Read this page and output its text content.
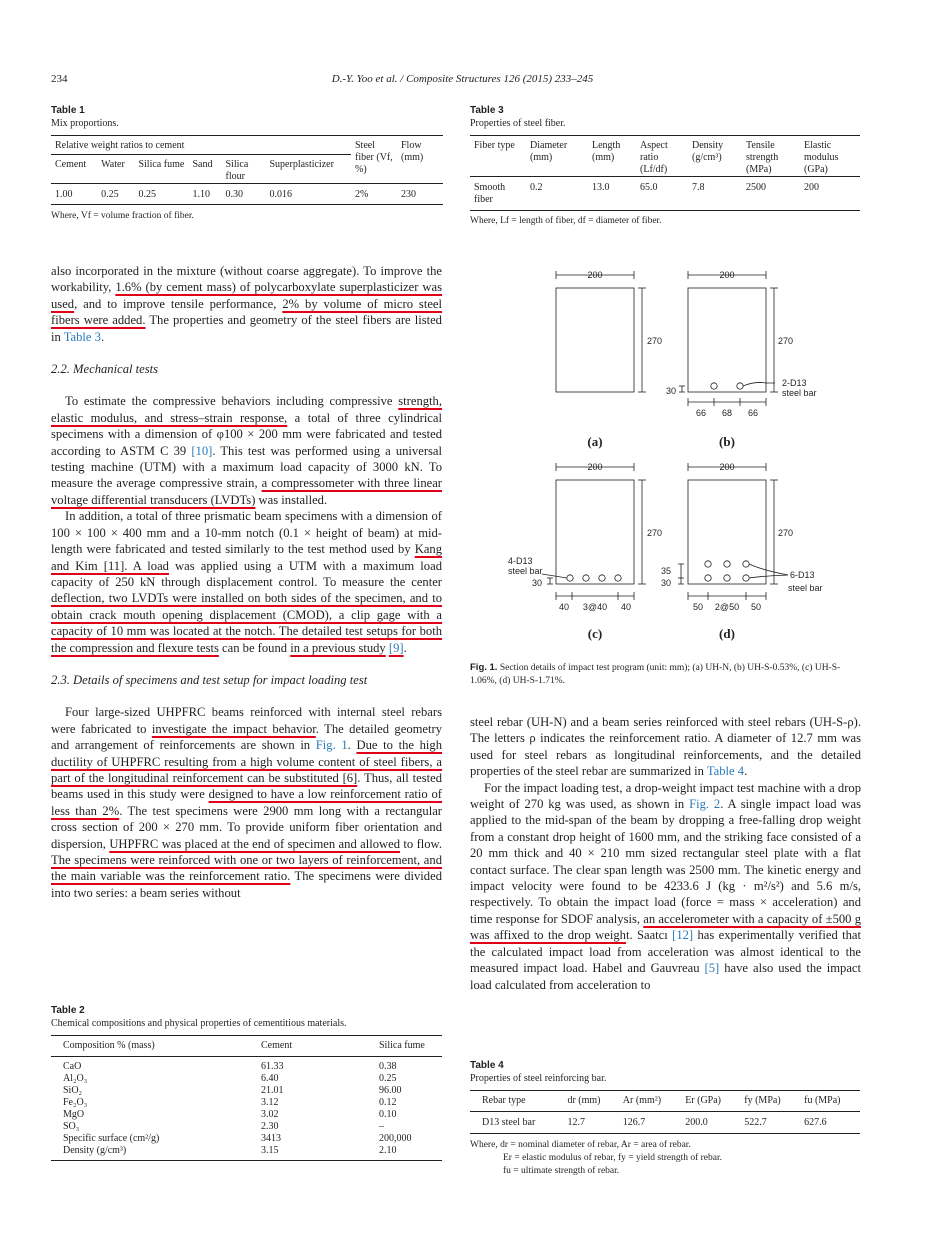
234	D.-Y. Yoo et al. / Composite Structures 126 (2015) 233–245
Table 1
Mix proportions.
Relative weight ratios to cement						Steel fiber (Vf, %)	Flow (mm)
Cement	Water	Silica fume	Sand	Silica flour	Superplasticizer		
1.00	0.25	0.25	1.10	0.30	0.016	2%	230
Where, Vf = volume fraction of fiber.
Table 3
Properties of steel fiber.
Fiber type	Diameter (mm)	Length (mm)	Aspect ratio (Lf/df)	Density (g/cm³)	Tensile strength (MPa)	Elastic modulus (GPa)
Smooth fiber	0.2	13.0	65.0	7.8	2500	200
Where, Lf = length of fiber, df = diameter of fiber.

also incorporated in the mixture (without coarse aggregate). To improve the workability, 1.6% (by cement mass) of polycarboxylate superplasticizer was used, and to improve tensile performance, 2% by volume of micro steel fibers were added. The properties and geometry of the steel fibers are listed in Table 3.

2.2. Mechanical tests

To estimate the compressive behaviors including compressive strength, elastic modulus, and stress–strain response, a total of three cylindrical specimens with a dimension of φ100 × 200 mm were fabricated and tested according to ASTM C 39 [10]. This test was performed using a universal testing machine (UTM) with a maximum load capacity of 3000 kN. To measure the average compressive strain, a compressometer with three linear voltage differential transducers (LVDTs) was installed.

In addition, a total of three prismatic beam specimens with a dimension of 100 × 100 × 400 mm and a 10-mm notch (0.1 × height of beam) at mid-length were fabricated and tested similarly to the test method used by Kang and Kim [11]. A load was applied using a UTM with a maximum load capacity of 250 kN through displacement control. To measure the center deflection, two LVDTs were installed on both sides of the specimen, and to obtain crack mouth opening displacement (CMOD), a clip gage with a capacity of 10 mm was located at the notch. The detailed test setups for both the compression and flexure tests can be found in a previous study [9].

2.3. Details of specimens and test setup for impact loading test

Four large-sized UHPFRC beams reinforced with internal steel rebars were fabricated to investigate the impact behavior. The detailed geometry and arrangement of reinforcements are shown in Fig. 1. Due to the high ductility of UHPFRC resulting from a high volume content of steel fibers, a part of the longitudinal reinforcement can be substituted [6]. Thus, all tested beams used in this study were designed to have a low reinforcement ratio of less than 2%. The test specimens were 2900 mm long with a rectangular cross section of 200 × 270 mm. To provide uniform fiber orientation and dispersion, UHPFRC was placed at the end of specimen and allowed to flow. The specimens were reinforced with one or two layers of reinforcement, and the main variable was the reinforcement ratio. The specimens were divided into two series: a beam series without

Table 2
Chemical compositions and physical properties of cementitious materials.
Composition % (mass)	Cement	Silica fume
CaO	61.33	0.38
Al₂O₃	6.40	0.25
SiO₂	21.01	96.00
Fe₂O₃	3.12	0.12
MgO	3.02	0.10
SO₃	2.30	–
Specific surface (cm²/g)	3413	200,000
Density (g/cm³)	3.15	2.10
200
270
200
270
30
66 68 66
2-D13
steel bar
(a)	(b)
200
270
200
270
4-D13
steel bar
30
40 3@40 40
35
30
6-D13
steel bar
50 2@50 50
(c)	(d)
Fig. 1. Section details of impact test program (unit: mm); (a) UH-N, (b) UH-S-0.53%, (c) UH-S-1.06%, (d) UH-S-1.71%.

steel rebar (UH-N) and a beam series reinforced with steel rebars (UH-S-ρ). The letters ρ indicates the reinforcement ratio. A diameter of 12.7 mm was used for steel rebars as longitudinal reinforcements, and the detailed properties of the steel rebar are summarized in Table 4.

For the impact loading test, a drop-weight impact test machine with a drop weight of 270 kg was used, as shown in Fig. 2. A single impact load was applied to the mid-span of the beam by dropping a free-falling drop weight from a constant drop height of 1600 mm, and the striking face consisted of a 20 mm thick and 40 × 210 mm sized rectangular steel plate with a flat contact surface. The clear span length was 2500 mm. The kinetic energy and impact velocity were found to be 4233.6 J (kg · m²/s²) and 5.6 m/s, respectively. To obtain the impact load (force = mass × acceleration) and time response for SDOF analysis, an accelerometer with a capacity of ±500 g was affixed to the drop weight. Saatcı [12] has experimentally verified that the calculated impact load from acceleration was almost identical to the measured impact load. Habel and Gauvreau [5] have also used the impact load calculated from acceleration to

Table 4
Properties of steel reinforcing bar.
Rebar type	dr (mm)	Ar (mm²)	Er (GPa)	fy (MPa)	fu (MPa)
D13 steel bar	12.7	126.7	200.0	522.7	627.6
Where, dr = nominal diameter of rebar, Ar = area of rebar.
Er = elastic modulus of rebar, fy = yield strength of rebar.
fu = ultimate strength of rebar.
